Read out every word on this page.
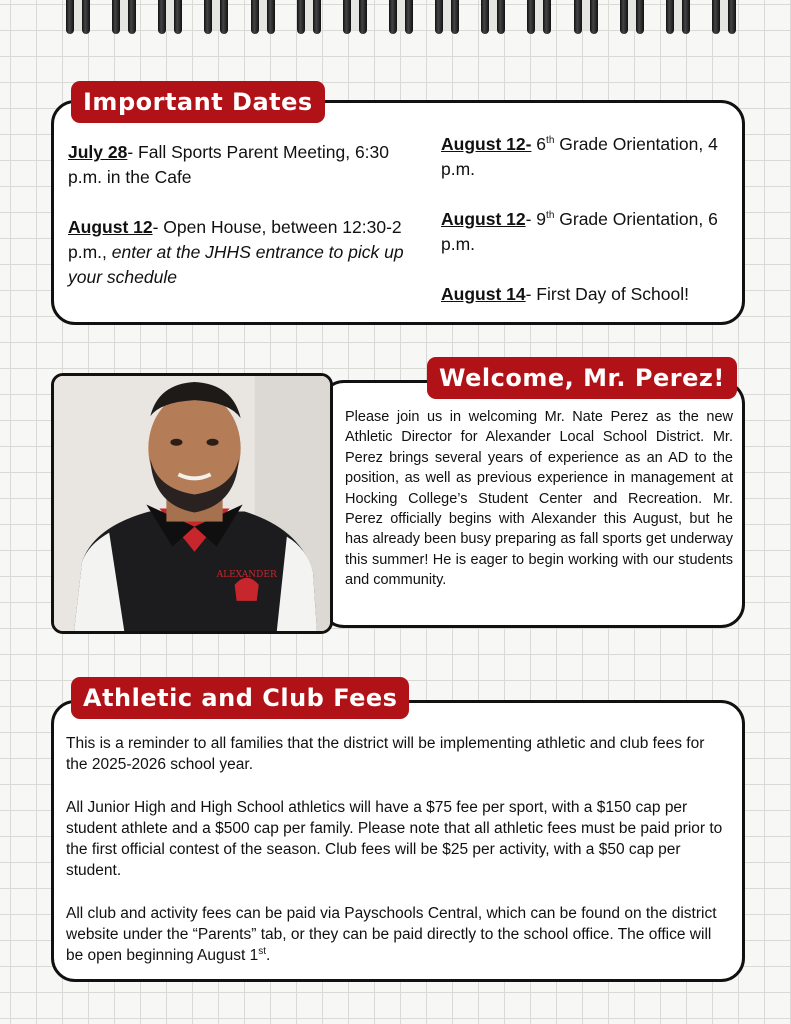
July 28- Fall Sports Parent Meeting, 6:30 p.m. in the Cafe
August 12- Open House, between 12:30-2 p.m., enter at the JHHS entrance to pick up your schedule
August 12- 6th Grade Orientation, 4 p.m.
August 12- 9th Grade Orientation, 6 p.m.
August 14- First Day of School!
Important Dates
Please join us in welcoming Mr. Nate Perez as the new Athletic Director for Alexander Local School District. Mr. Perez brings several years of experience as an AD to the position, as well as previous experience in management at Hocking College’s Student Center and Recreation. Mr. Perez officially begins with Alexander this August, but he has already been busy preparing as fall sports get underway this summer! He is eager to begin working with our students and community.
ALEXANDER
Welcome, Mr. Perez!

This is a reminder to all families that the district will be implementing athletic and club fees for the 2025-2026 school year.

All Junior High and High School athletics will have a $75 fee per sport, with a $150 cap per student athlete and a $500 cap per family. Please note that all athletic fees must be paid prior to the first official contest of the season. Club fees will be $25 per activity, with a $50 cap per student.

All club and activity fees can be paid via Payschools Central, which can be found on the district website under the “Parents” tab, or they can be paid directly to the school office. The office will be open beginning August 1st.

Athletic and Club Fees
